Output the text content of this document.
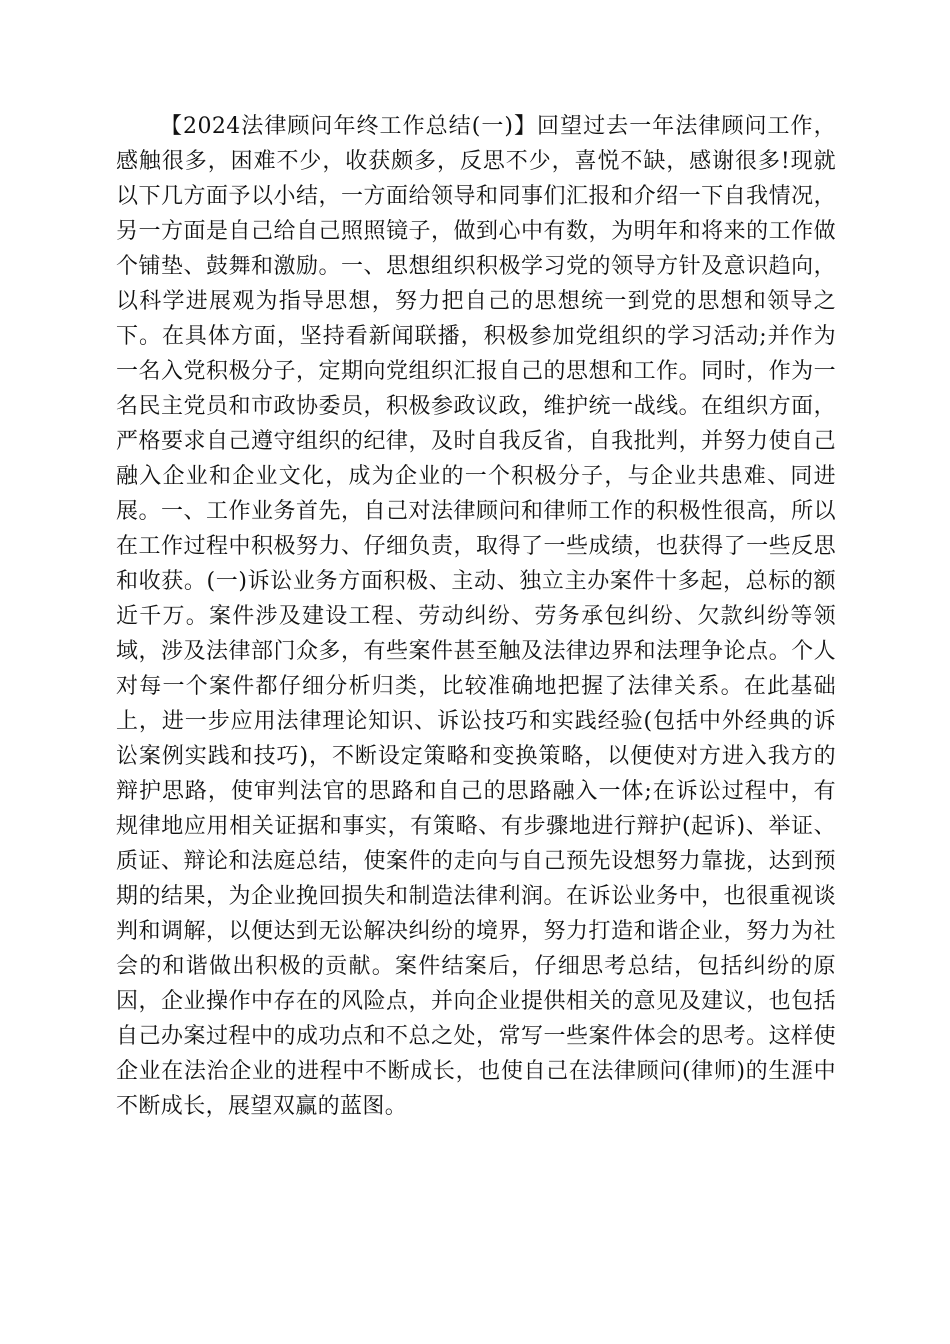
【2024法律顾问年终工作总结(一)】回望过去一年法律顾问工作，感触很多，困难不少，收获颇多，反思不少，喜悦不缺，感谢很多!现就以下几方面予以小结，一方面给领导和同事们汇报和介绍一下自我情况，另一方面是自己给自己照照镜子，做到心中有数，为明年和将来的工作做个铺垫、鼓舞和激励。一、思想组织积极学习党的领导方针及意识趋向，以科学进展观为指导思想，努力把自己的思想统一到党的思想和领导之下。在具体方面，坚持看新闻联播，积极参加党组织的学习活动;并作为一名入党积极分子，定期向党组织汇报自己的思想和工作。同时，作为一名民主党员和市政协委员，积极参政议政，维护统一战线。在组织方面，严格要求自己遵守组织的纪律，及时自我反省，自我批判，并努力使自己融入企业和企业文化，成为企业的一个积极分子，与企业共患难、同进展。一、工作业务首先，自己对法律顾问和律师工作的积极性很高，所以在工作过程中积极努力、仔细负责，取得了一些成绩，也获得了一些反思和收获。(一)诉讼业务方面积极、主动、独立主办案件十多起，总标的额近千万。案件涉及建设工程、劳动纠纷、劳务承包纠纷、欠款纠纷等领域，涉及法律部门众多，有些案件甚至触及法律边界和法理争论点。个人对每一个案件都仔细分析归类，比较准确地把握了法律关系。在此基础上，进一步应用法律理论知识、诉讼技巧和实践经验(包括中外经典的诉讼案例实践和技巧)，不断设定策略和变换策略，以便使对方进入我方的辩护思路，使审判法官的思路和自己的思路融入一体;在诉讼过程中，有规律地应用相关证据和事实，有策略、有步骤地进行辩护(起诉)、举证、质证、辩论和法庭总结，使案件的走向与自己预先设想努力靠拢，达到预期的结果，为企业挽回损失和制造法律利润。在诉讼业务中，也很重视谈判和调解，以便达到无讼解决纠纷的境界，努力打造和谐企业，努力为社会的和谐做出积极的贡献。案件结案后，仔细思考总结，包括纠纷的原因，企业操作中存在的风险点，并向企业提供相关的意见及建议，也包括自己办案过程中的成功点和不总之处，常写一些案件体会的思考。这样使企业在法治企业的进程中不断成长，也使自己在法律顾问(律师)的生涯中不断成长，展望双赢的蓝图。
